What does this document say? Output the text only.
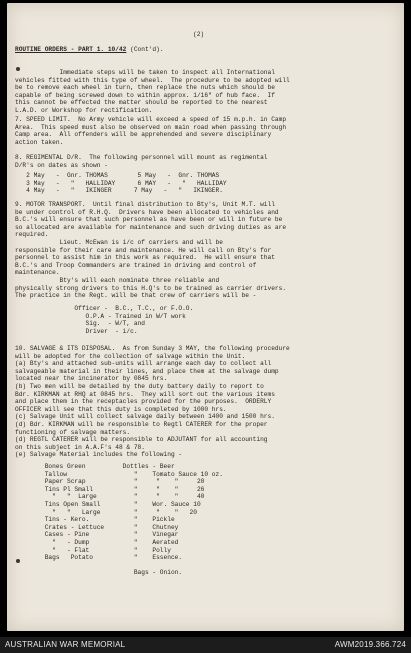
(2)
ROUTINE ORDERS - PART 1. 10/42 (Cont'd).
Immediate steps will be taken to inspect all International
vehicles fitted with this type of wheel.  The procedure to be adopted will
be to remove each wheel in turn, then replace the nuts which should be
capable of being screwed down to within approx. 1/16" of hub face.  If
this cannot be effected the matter should be reported to the nearest
L.A.D. or Workshop for rectification.
7. SPEED LIMIT.  No Army vehicle will exceed a speed of 15 m.p.h. in Camp
Area.  This speed must also be observed on main road when passing through
Camp area.  All offenders will be apprehended and severe disciplinary
action taken.
8. REGIMENTAL D/R.  The following personnel will mount as regimental
D/R's on dates as shown -
2 May   -  Gnr. THOMAS        5 May   -  Gnr. THOMAS
3 May   -   "   HALLIDAY      6 MAY   -   "   HALLIDAY
4 May   -   "   IKINGER      7 May   -   "   IKINGER.
9. MOTOR TRANSPORT.  Until final distribution to Bty's, Unit M.T. will
be under control of R.H.Q.  Drivers have been allocated to vehicles and
B.C.'s will ensure that such personnel as have been or will in future be
so allocated are available for maintenance and such driving duties as are
required.
Lieut. McEwan is i/c of carriers and will be
responsible for their care and maintenance. He will call on Bty's for
personnel to assist him in this work as required.  He will ensure that
B.C.'s and Troop Commanders are trained in driving and control of
maintenance.
Bty's will each nominate three reliable and
physically strong drivers to this H.Q's to be trained as carrier drivers.
The practice in the Regt. will be that crew of carriers will be -
Officer -  B.C., T.C., or F.O.O.
O.P.A - Trained in W/T work
Sig.  - W/T, and
Driver  - i/c.
10. SALVAGE & ITS DISPOSAL.  As from Sunday 3 MAY, the following procedure
will be adopted for the collection of salvage within the Unit.
(a) Bty's and attached sub-units will arrange each day to collect all
salvageable material in their lines, and place them at the salvage dump
located near the incinerator by 0845 hrs.
(b) Two men will be detailed by the duty battery daily to report to
Bdr. KIRKMAN at RHQ at 0845 hrs.  They will sort out the various items
and place them in the receptacles provided for the purposes.  ORDERLY
OFFICER will see that this duty is completed by 1000 hrs.
(c) Salvage Unit will collect salvage daily between 1400 and 1500 hrs.
(d) Bdr. KIRKMAN will be responsible to Regtl CATERER for the proper
functioning of salvage matters.
(d) REGTL CATERER will be responsible to ADJUTANT for all accounting
on this subject in A.A.F's 48 & 78.
(e) Salvage Material includes the following -
Bones Green          Dottles - Beer
Tallow                  "    Tomato Sauce 10 oz.
Paper Scrap             "     "    "     20
Tins Pl Small           "     "    "     26
"   "  Large          "     "    "     40
Tins Open Small         "    Wor. Sauce 10
"   "   Large         "     "    "   20
Tins - Kero.            "    Pickle
Crates - Lettuce        "    Chutney
Cases - Pine            "    Vinegar
"   - Dump            "    Aerated
"   - Flat            "    Polly
Bags   Potato           "    Essence.
Bags - Onion.
AUSTRALIAN WAR MEMORIAL	AWM2019.366.724
